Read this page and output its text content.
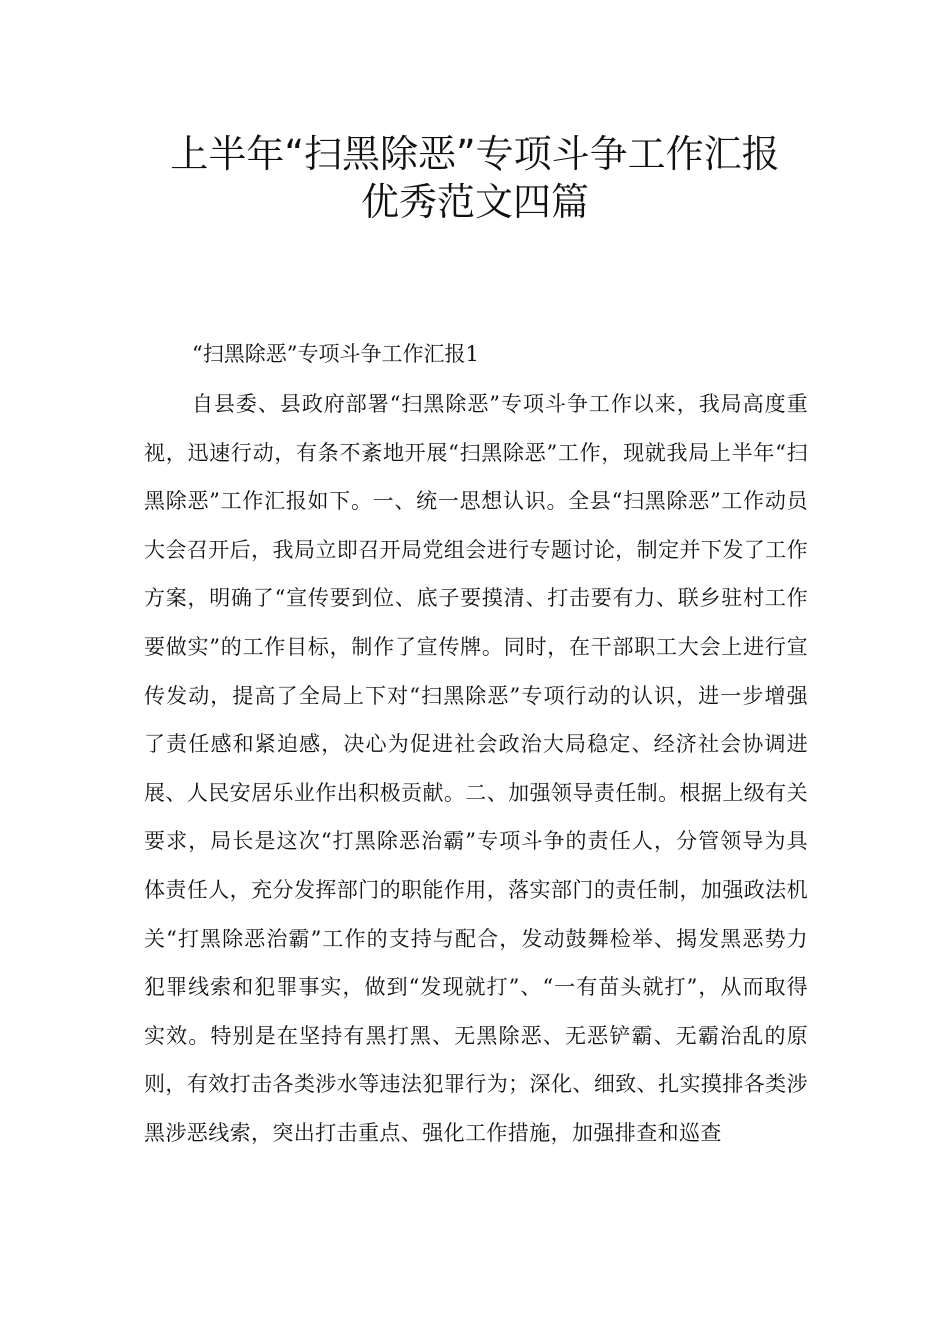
上半年“扫黑除恶”专项斗争工作汇报
优秀范文四篇

“扫黑除恶”专项斗争工作汇报1

自县委、县政府部署“扫黑除恶”专项斗争工作以来，我局高度重视，迅速行动，有条不紊地开展“扫黑除恶”工作，现就我局上半年“扫黑除恶”工作汇报如下。一、统一思想认识。全县“扫黑除恶”工作动员大会召开后，我局立即召开局党组会进行专题讨论，制定并下发了工作方案，明确了“宣传要到位、底子要摸清、打击要有力、联乡驻村工作要做实”的工作目标，制作了宣传牌。同时，在干部职工大会上进行宣传发动，提高了全局上下对“扫黑除恶”专项行动的认识，进一步增强了责任感和紧迫感，决心为促进社会政治大局稳定、经济社会协调进展、人民安居乐业作出积极贡献。二、加强领导责任制。根据上级有关要求，局长是这次“打黑除恶治霸”专项斗争的责任人，分管领导为具体责任人，充分发挥部门的职能作用，落实部门的责任制，加强政法机关“打黑除恶治霸”工作的支持与配合，发动鼓舞检举、揭发黑恶势力犯罪线索和犯罪事实，做到“发现就打”、“一有苗头就打”，从而取得实效。特别是在坚持有黑打黑、无黑除恶、无恶铲霸、无霸治乱的原则，有效打击各类涉水等违法犯罪行为；深化、细致、扎实摸排各类涉黑涉恶线索，突出打击重点、强化工作措施，加强排查和巡查
